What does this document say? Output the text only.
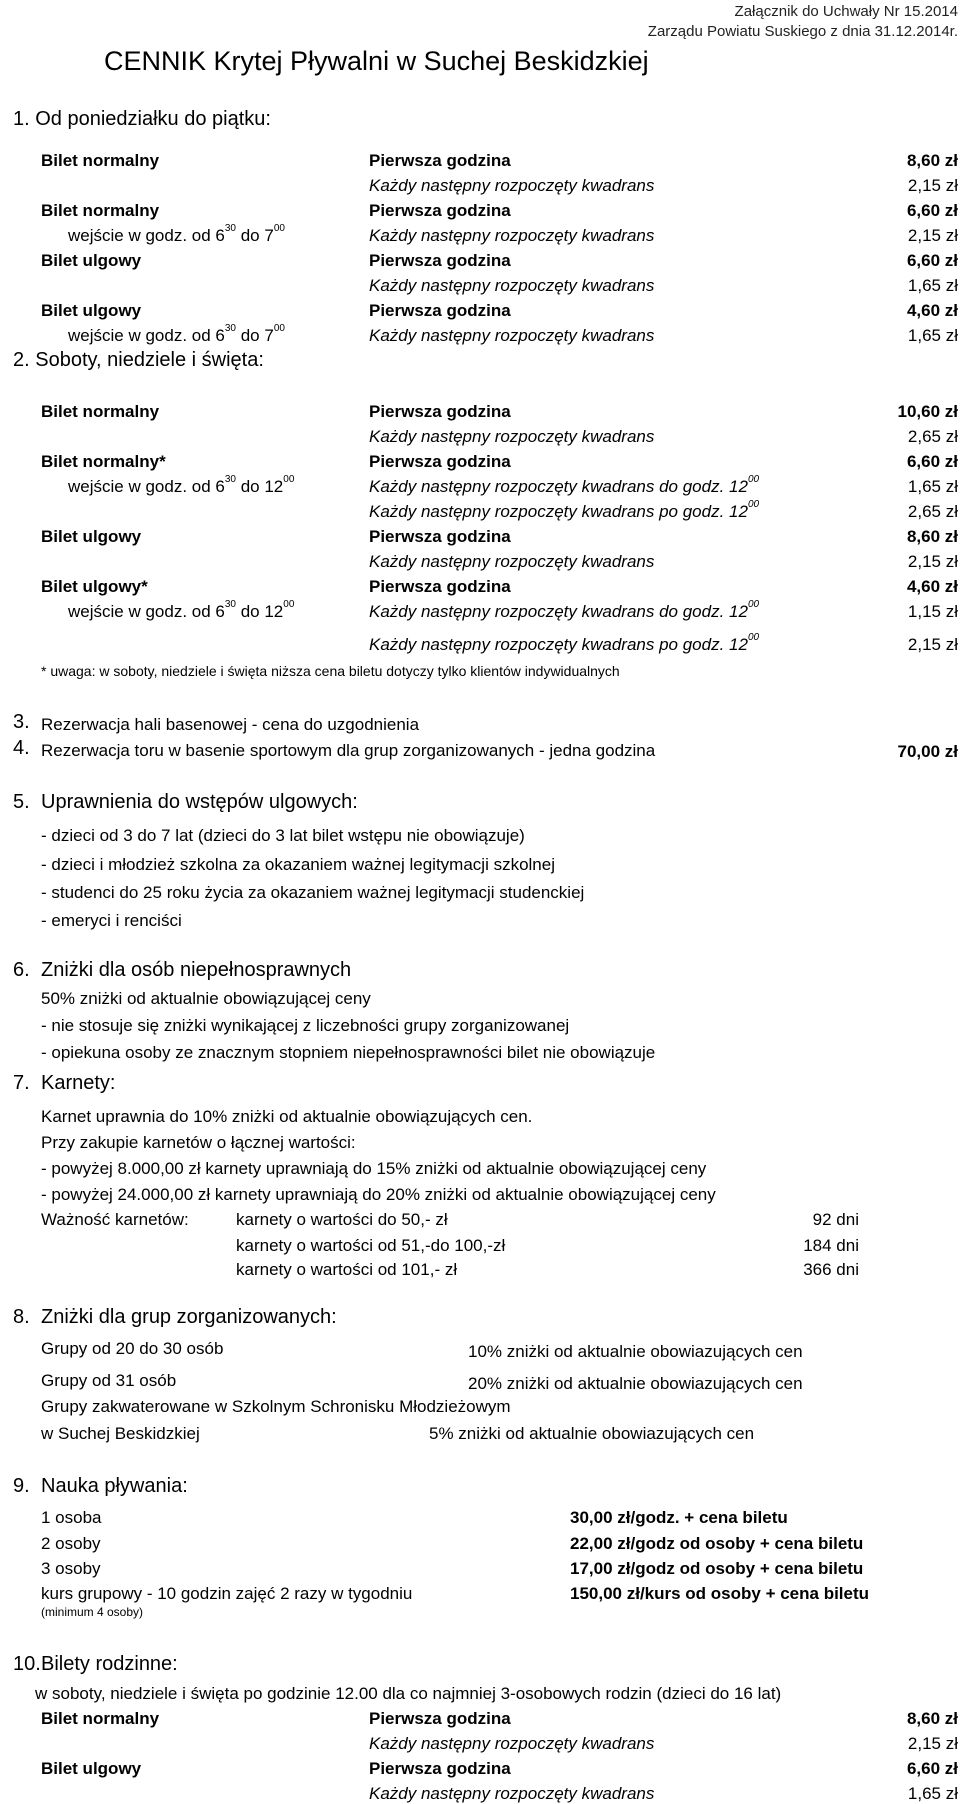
Załącznik do Uchwały Nr 15.2014
Zarządu Powiatu Suskiego z dnia 31.12.2014r.
CENNIK Krytej Pływalni w Suchej Beskidzkiej
1. Od poniedziałku do piątku:
Bilet normalny	Pierwsza godzina	8,60 zł
Każdy następny rozpoczęty kwadrans	2,15 zł
Bilet normalny	Pierwsza godzina	6,60 zł
wejście w godz. od $6^{30}$ do $7^{00}$	Każdy następny rozpoczęty kwadrans	2,15 zł
Bilet ulgowy	Pierwsza godzina	6,60 zł
Każdy następny rozpoczęty kwadrans	1,65 zł
Bilet ulgowy	Pierwsza godzina	4,60 zł
wejście w godz. od $6^{30}$ do $7^{00}$	Każdy następny rozpoczęty kwadrans	1,65 zł
2. Soboty, niedziele i święta:
Bilet normalny	Pierwsza godzina	10,60 zł
Każdy następny rozpoczęty kwadrans	2,65 zł
Bilet normalny*	Pierwsza godzina	6,60 zł
wejście w godz. od $6^{30}$ do $12^{00}$	Każdy następny rozpoczęty kwadrans do godz. $12^{00}$	1,65 zł
Każdy następny rozpoczęty kwadrans po godz. $12^{00}$	2,65 zł
Bilet ulgowy	Pierwsza godzina	8,60 zł
Każdy następny rozpoczęty kwadrans	2,15 zł
Bilet ulgowy*	Pierwsza godzina	4,60 zł
wejście w godz. od $6^{30}$ do $12^{00}$	Każdy następny rozpoczęty kwadrans do godz. $12^{00}$	1,15 zł
Każdy następny rozpoczęty kwadrans po godz. $12^{00}$	2,15 zł
* uwaga: w soboty, niedziele i święta niższa cena biletu dotyczy tylko klientów indywidualnych
3. Rezerwacja hali basenowej - cena do uzgodnienia
4. Rezerwacja toru w basenie sportowym dla grup zorganizowanych - jedna godzina	70,00 zł
5. Uprawnienia do wstępów ulgowych:
- dzieci od 3 do 7 lat (dzieci do 3 lat bilet wstępu nie obowiązuje)
- dzieci i młodzież szkolna za okazaniem ważnej legitymacji szkolnej
- studenci do 25 roku życia za okazaniem ważnej legitymacji studenckiej
- emeryci i renciści
6. Zniżki dla osób niepełnosprawnych
50% zniżki od aktualnie obowiązującej ceny
- nie stosuje się zniżki wynikającej z liczebności grupy zorganizowanej
- opiekuna osoby ze znacznym stopniem niepełnosprawności bilet nie obowiązuje
7. Karnety:
Karnet uprawnia do 10% zniżki od aktualnie obowiązujących cen.
Przy zakupie karnetów o łącznej wartości:
- powyżej 8.000,00 zł karnety uprawniają do 15% zniżki od aktualnie obowiązującej ceny
- powyżej 24.000,00 zł karnety uprawniają do 20% zniżki od aktualnie obowiązującej ceny
Ważność karnetów:	karnety o wartości do 50,- zł	92 dni
karnety o wartości od 51,-do 100,-zł	184 dni
karnety o wartości od 101,- zł	366 dni
8. Zniżki dla grup zorganizowanych:
Grupy od 20 do 30 osób	10% zniżki od aktualnie obowiazujących cen
Grupy od 31 osób	20% zniżki od aktualnie obowiazujących cen
Grupy zakwaterowane w Szkolnym Schronisku Młodzieżowym
w Suchej Beskidzkiej	5% zniżki od aktualnie obowiazujących cen
9. Nauka pływania:
1 osoba	30,00 zł/godz. + cena biletu
2 osoby	22,00 zł/godz od osoby + cena biletu
3 osoby	17,00 zł/godz od osoby + cena biletu
kurs grupowy - 10 godzin zajęć 2 razy w tygodniu	150,00 zł/kurs od osoby + cena biletu
(minimum 4 osoby)
10. Bilety rodzinne:
w soboty, niedziele i święta po godzinie 12.00 dla co najmniej 3-osobowych rodzin (dzieci do 16 lat)
Bilet normalny	Pierwsza godzina	8,60 zł
Każdy następny rozpoczęty kwadrans	2,15 zł
Bilet ulgowy	Pierwsza godzina	6,60 zł
Każdy następny rozpoczęty kwadrans	1,65 zł
